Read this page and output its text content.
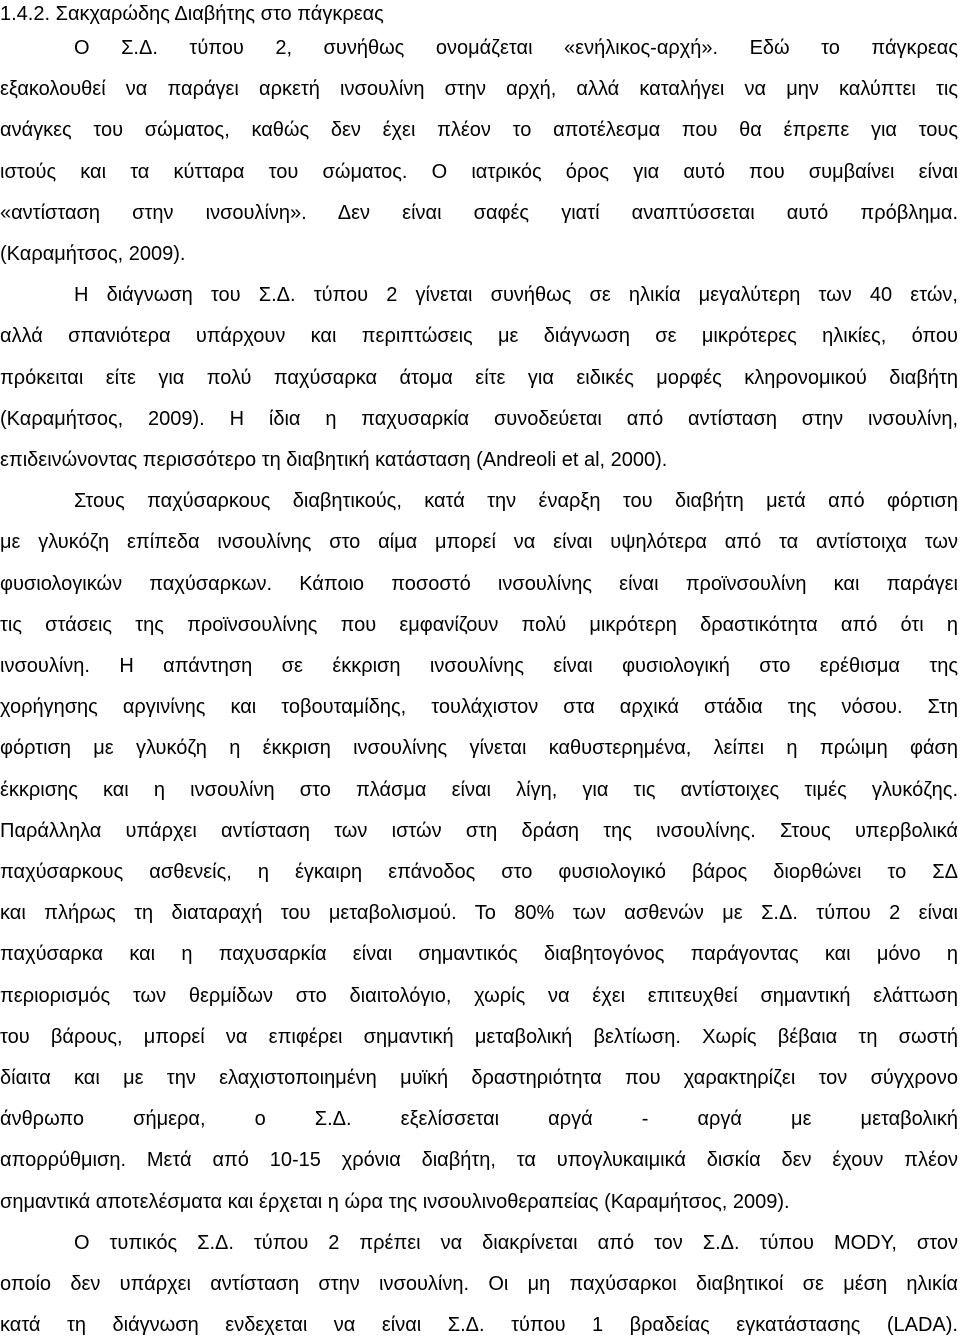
1.4.2. Σακχαρώδης Διαβήτης στο πάγκρεας
Ο Σ.Δ. τύπου 2, συνήθως ονομάζεται «ενήλικος-αρχή». Εδώ το πάγκρεας
εξακολουθεί να παράγει αρκετή ινσουλίνη στην αρχή, αλλά καταλήγει να μην καλύπτει τις
ανάγκες του σώματος, καθώς δεν έχει πλέον το αποτέλεσμα που θα έπρεπε για τους
ιστούς και τα κύτταρα του σώματος. Ο ιατρικός όρος για αυτό που συμβαίνει είναι
«αντίσταση στην ινσουλίνη». Δεν είναι σαφές γιατί αναπτύσσεται αυτό πρόβλημα.
(Καραμήτσος, 2009).
Η διάγνωση του Σ.Δ. τύπου 2 γίνεται συνήθως σε ηλικία μεγαλύτερη των 40 ετών,
αλλά σπανιότερα υπάρχουν και περιπτώσεις με διάγνωση σε μικρότερες ηλικίες, όπου
πρόκειται είτε για πολύ παχύσαρκα άτομα είτε για ειδικές μορφές κληρονομικού διαβήτη
(Καραμήτσος, 2009). Η ίδια η παχυσαρκία συνοδεύεται από αντίσταση στην ινσουλίνη,
επιδεινώνοντας περισσότερο τη διαβητική κατάσταση (Andreoli et al, 2000).
Στους παχύσαρκους διαβητικούς, κατά την έναρξη του διαβήτη μετά από φόρτιση
με γλυκόζη επίπεδα ινσουλίνης στο αίμα μπορεί να είναι υψηλότερα από τα αντίστοιχα των
φυσιολογικών παχύσαρκων. Κάποιο ποσοστό ινσουλίνης είναι προϊνσουλίνη και παράγει
τις στάσεις της προϊνσουλίνης που εμφανίζουν πολύ μικρότερη δραστικότητα από ότι η
ινσουλίνη. Η απάντηση σε έκκριση ινσουλίνης είναι φυσιολογική στο ερέθισμα της
χορήγησης αργινίνης και τοβουταμίδης, τουλάχιστον στα αρχικά στάδια της νόσου. Στη
φόρτιση με γλυκόζη η έκκριση ινσουλίνης γίνεται καθυστερημένα, λείπει η πρώιμη φάση
έκκρισης και η ινσουλίνη στο πλάσμα είναι λίγη, για τις αντίστοιχες τιμές γλυκόζης.
Παράλληλα υπάρχει αντίσταση των ιστών στη δράση της ινσουλίνης. Στους υπερβολικά
παχύσαρκους ασθενείς, η έγκαιρη επάνοδος στο φυσιολογικό βάρος διορθώνει το ΣΔ
και πλήρως τη διαταραχή του μεταβολισμού. Το 80% των ασθενών με Σ.Δ. τύπου 2 είναι
παχύσαρκα και η παχυσαρκία είναι σημαντικός διαβητογόνος παράγοντας και μόνο η
περιορισμός των θερμίδων στο διαιτολόγιο, χωρίς να έχει επιτευχθεί σημαντική ελάττωση
του βάρους, μπορεί να επιφέρει σημαντική μεταβολική βελτίωση. Χωρίς βέβαια τη σωστή
δίαιτα και με την ελαχιστοποιημένη μυϊκή δραστηριότητα που χαρακτηρίζει τον σύγχρονο
άνθρωπο σήμερα, ο Σ.Δ. εξελίσσεται αργά - αργά με μεταβολική
απορρύθμιση. Μετά από 10-15 χρόνια διαβήτη, τα υπογλυκαιμικά δισκία δεν έχουν πλέον
σημαντικά αποτελέσματα και έρχεται η ώρα της ινσουλινοθεραπείας (Καραμήτσος, 2009).
Ο τυπικός Σ.Δ. τύπου 2 πρέπει να διακρίνεται από τον Σ.Δ. τύπου MODY, στον
οποίο δεν υπάρχει αντίσταση στην ινσουλίνη. Οι μη παχύσαρκοι διαβητικοί σε μέση ηλικία
κατά τη διάγνωση ενδεχεται να είναι Σ.Δ. τύπου 1 βραδείας εγκατάστασης (LADA).
